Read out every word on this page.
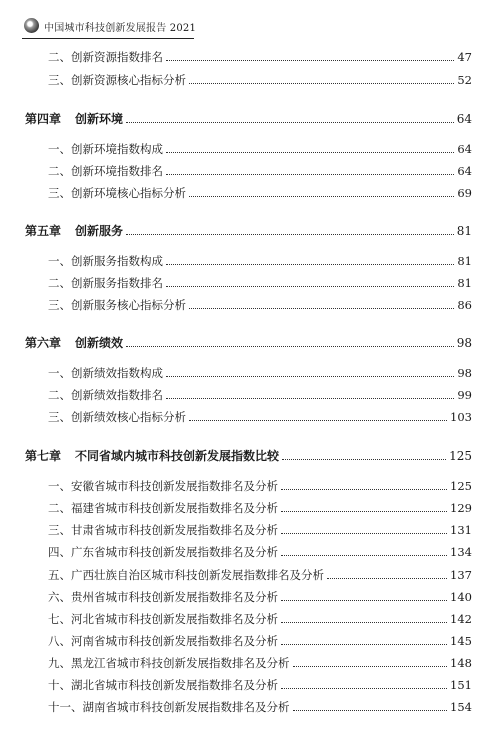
中国城市科技创新发展报告 2021
二、创新资源指数排名	47
三、创新资源核心指标分析	52
第四章 创新环境	64
一、创新环境指数构成	64
二、创新环境指数排名	64
三、创新环境核心指标分析	69
第五章 创新服务	81
一、创新服务指数构成	81
二、创新服务指数排名	81
三、创新服务核心指标分析	86
第六章 创新绩效	98
一、创新绩效指数构成	98
二、创新绩效指数排名	99
三、创新绩效核心指标分析	103
第七章 不同省域内城市科技创新发展指数比较	125
一、安徽省城市科技创新发展指数排名及分析	125
二、福建省城市科技创新发展指数排名及分析	129
三、甘肃省城市科技创新发展指数排名及分析	131
四、广东省城市科技创新发展指数排名及分析	134
五、广西壮族自治区城市科技创新发展指数排名及分析	137
六、贵州省城市科技创新发展指数排名及分析	140
七、河北省城市科技创新发展指数排名及分析	142
八、河南省城市科技创新发展指数排名及分析	145
九、黑龙江省城市科技创新发展指数排名及分析	148
十、湖北省城市科技创新发展指数排名及分析	151
十一、湖南省城市科技创新发展指数排名及分析	154
